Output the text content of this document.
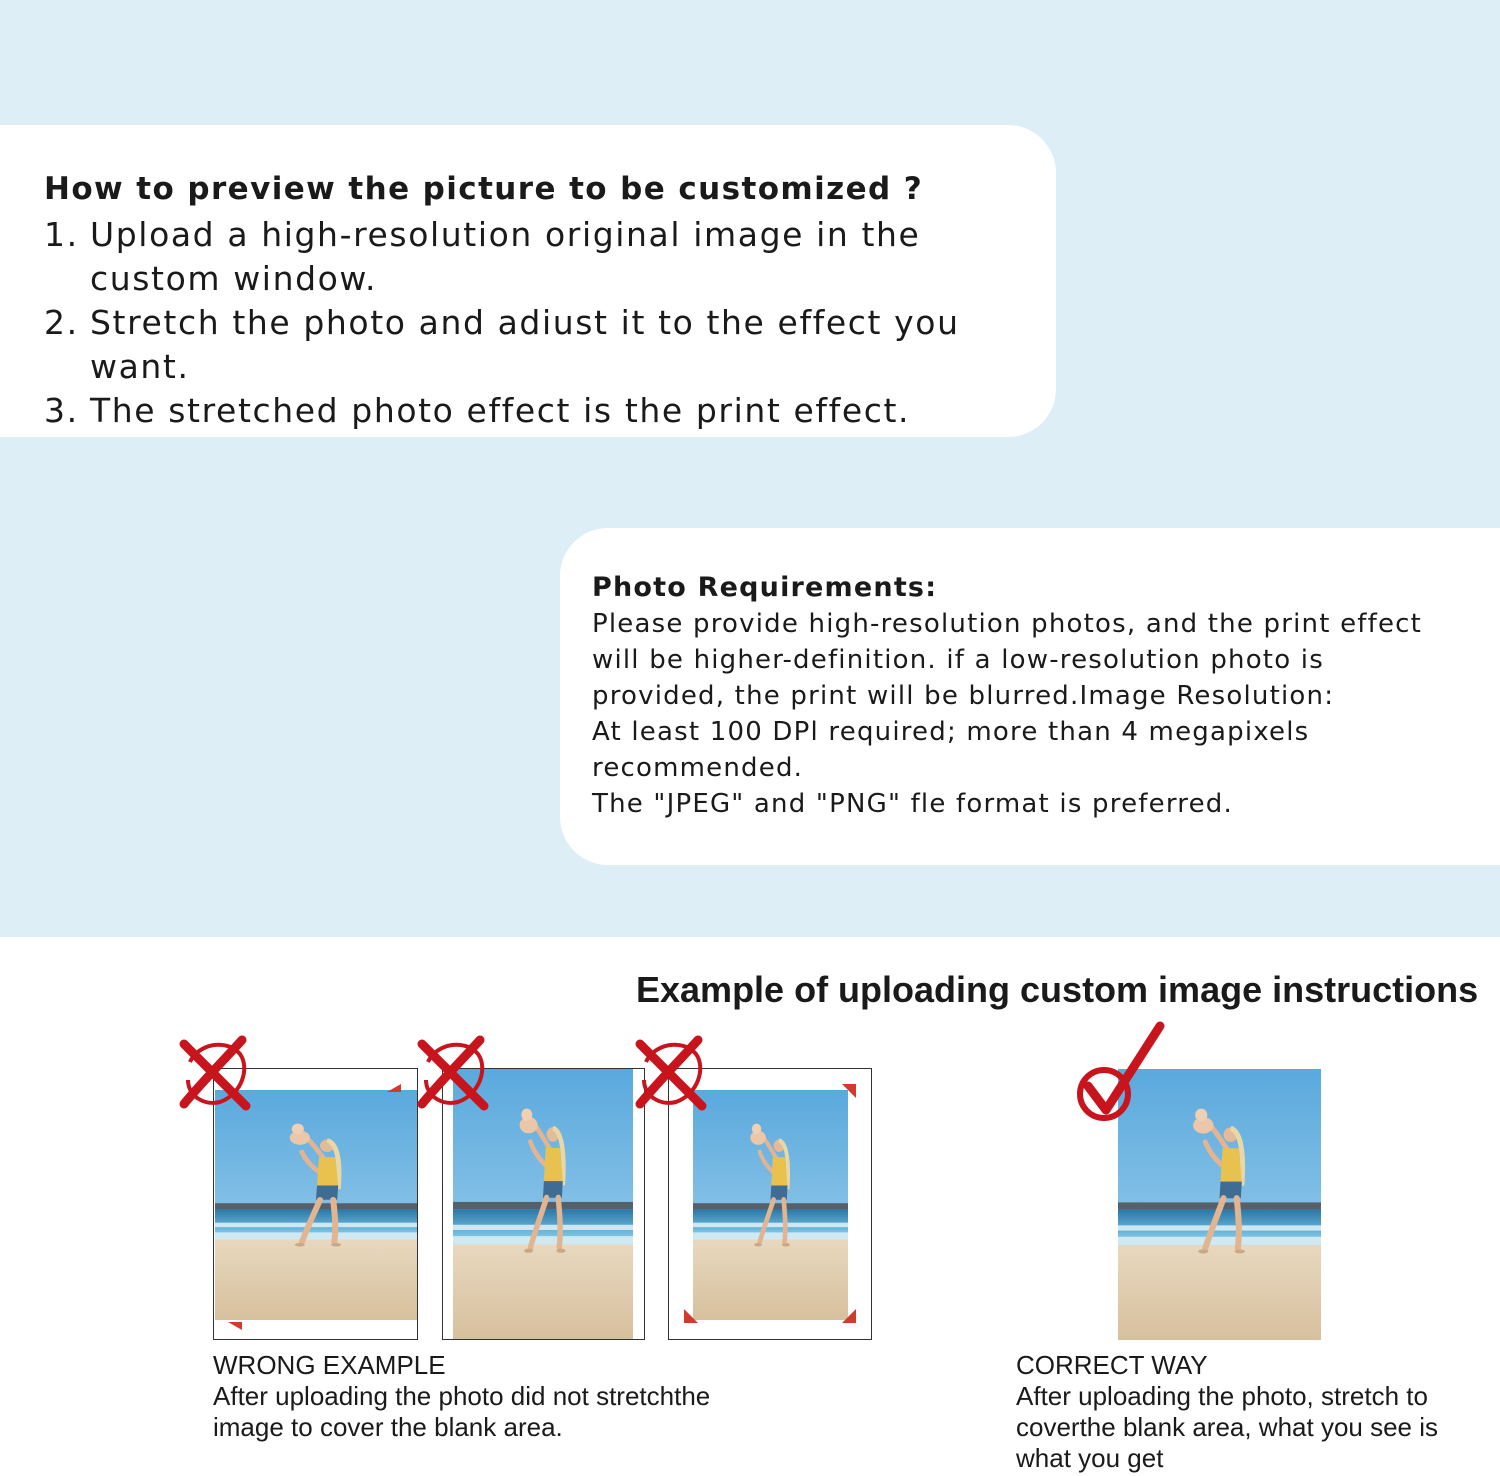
How to preview the picture to be customized ?
1. Upload a high-resolution original image in the custom window.
2. Stretch the photo and adiust it to the effect you want.
3. The stretched photo effect is the print effect.
Photo Requirements:

Please provide high-resolution photos, and the print effect

will be higher-definition. if a low-resolution photo is

provided, the print will be blurred.Image Resolution:

At least 100 DPl required; more than 4 megapixels

recommended.

The "JPEG" and "PNG" fle format is preferred.

Example of uploading custom image instructions
WRONG EXAMPLE
After uploading the photo did not stretchthe image to cover the blank area.
CORRECT WAY
After uploading the photo, stretch to coverthe blank area, what you see is what you get
